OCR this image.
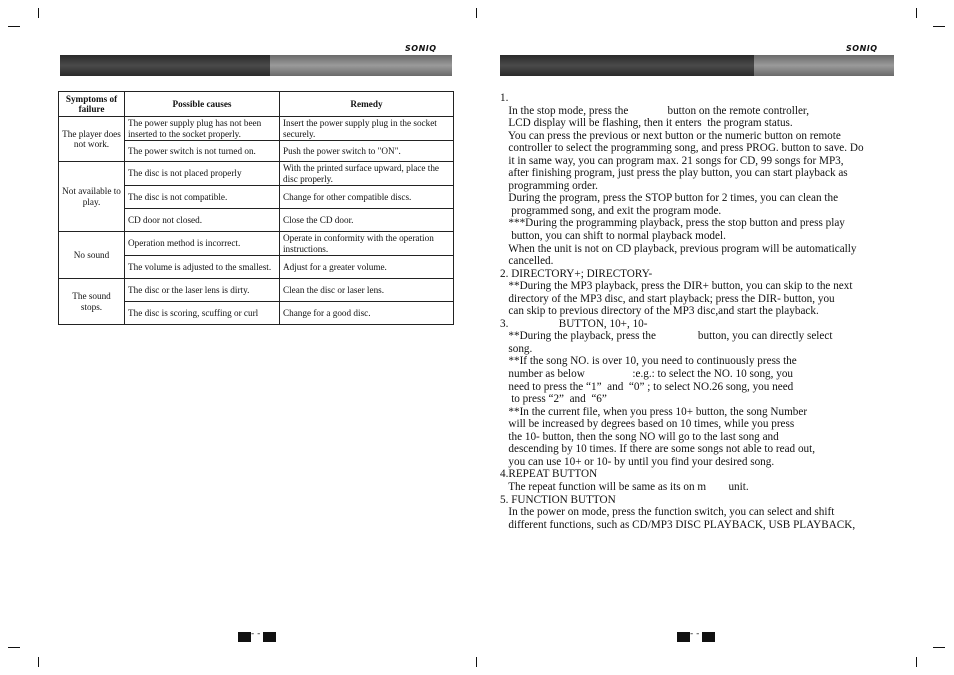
SONIQ
Symptoms of failure	Possible causes	Remedy
The player does not work.	The power supply plug has not been inserted to the socket properly.	Insert the power supply plug in the socket securely.
	The power switch is not turned on.	Push the power switch to "ON".
Not available to play.	The disc is not placed properly	With the printed surface upward, place the disc properly.
	The disc is not compatible.	Change for other compatible discs.
	CD door not closed.	Close the CD door.
No sound	Operation method is incorrect.	Operate in conformity with the operation instructions.
	The volume is adjusted to the smallest.	Adjust for a greater volume.
The sound stops.	The disc or the laser lens is dirty.	Clean the disc or laser lens.
	The disc is scoring, scuffing or curl	Change for a good disc.
- -
SONIQ
1.
In the stop mode, press the              button on the remote controller,
LCD display will be flashing, then it enters  the program status.
You can press the previous or next button or the numeric button on remote
controller to select the programming song, and press PROG. button to save. Do
it in same way, you can program max. 21 songs for CD, 99 songs for MP3,
after finishing program, just press the play button, you can start playback as
programming order.
During the program, press the STOP button for 2 times, you can clean the
programmed song, and exit the program mode.
***During the programming playback, press the stop button and press play
button, you can shift to normal playback model.
When the unit is not on CD playback, previous program will be automatically
cancelled.
2. DIRECTORY+; DIRECTORY-
**During the MP3 playback, press the DIR+ button, you can skip to the next
directory of the MP3 disc, and start playback; press the DIR- button, you
can skip to previous directory of the MP3 disc,and start the playback.
3.                  BUTTON, 10+, 10-
**During the playback, press the               button, you can directly select
song.
**If the song NO. is over 10, you need to continuously press the
number as below                 :e.g.: to select the NO. 10 song, you
need to press the “1”  and  “0” ; to select NO.26 song, you need
to press “2”  and  “6”
**In the current file, when you press 10+ button, the song Number
will be increased by degrees based on 10 times, while you press
the 10- button, then the song NO will go to the last song and
descending by 10 times. If there are some songs not able to read out,
you can use 10+ or 10- by until you find your desired song.
4.REPEAT BUTTON
The repeat function will be same as its on m        unit.
5. FUNCTION BUTTON
In the power on mode, press the function switch, you can select and shift
different functions, such as CD/MP3 DISC PLAYBACK, USB PLAYBACK,
- -
